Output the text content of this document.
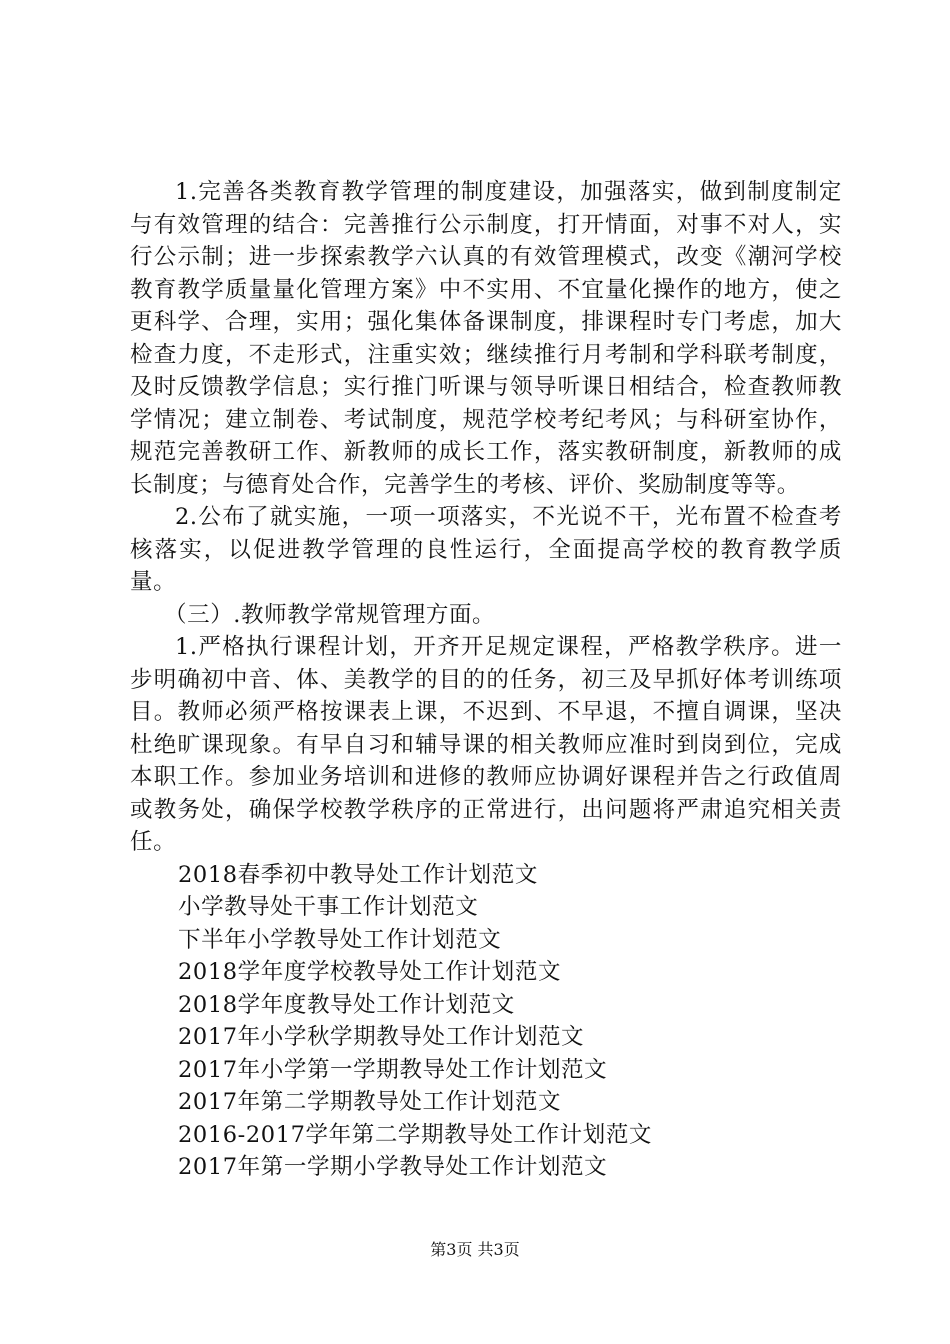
1.完善各类教育教学管理的制度建设，加强落实，做到制度制定与有效管理的结合：完善推行公示制度，打开情面，对事不对人，实行公示制；进一步探索教学六认真的有效管理模式，改变《潮河学校教育教学质量量化管理方案》中不实用、不宜量化操作的地方，使之更科学、合理，实用；强化集体备课制度，排课程时专门考虑，加大检查力度，不走形式，注重实效；继续推行月考制和学科联考制度，及时反馈教学信息；实行推门听课与领导听课日相结合，检查教师教学情况；建立制卷、考试制度，规范学校考纪考风；与科研室协作，规范完善教研工作、新教师的成长工作，落实教研制度，新教师的成长制度；与德育处合作，完善学生的考核、评价、奖励制度等等。

2.公布了就实施，一项一项落实，不光说不干，光布置不检查考核落实，以促进教学管理的良性运行，全面提高学校的教育教学质量。

（三）.教师教学常规管理方面。

1.严格执行课程计划，开齐开足规定课程，严格教学秩序。进一步明确初中音、体、美教学的目的的任务，初三及早抓好体考训练项目。教师必须严格按课表上课，不迟到、不早退，不擅自调课，坚决杜绝旷课现象。有早自习和辅导课的相关教师应准时到岗到位，完成本职工作。参加业务培训和进修的教师应协调好课程并告之行政值周或教务处，确保学校教学秩序的正常进行，出问题将严肃追究相关责任。

2018春季初中教导处工作计划范文
小学教导处干事工作计划范文
下半年小学教导处工作计划范文
2018学年度学校教导处工作计划范文
2018学年度教导处工作计划范文
2017年小学秋学期教导处工作计划范文
2017年小学第一学期教导处工作计划范文
2017年第二学期教导处工作计划范文
2016-2017学年第二学期教导处工作计划范文
2017年第一学期小学教导处工作计划范文
第3页 共3页
